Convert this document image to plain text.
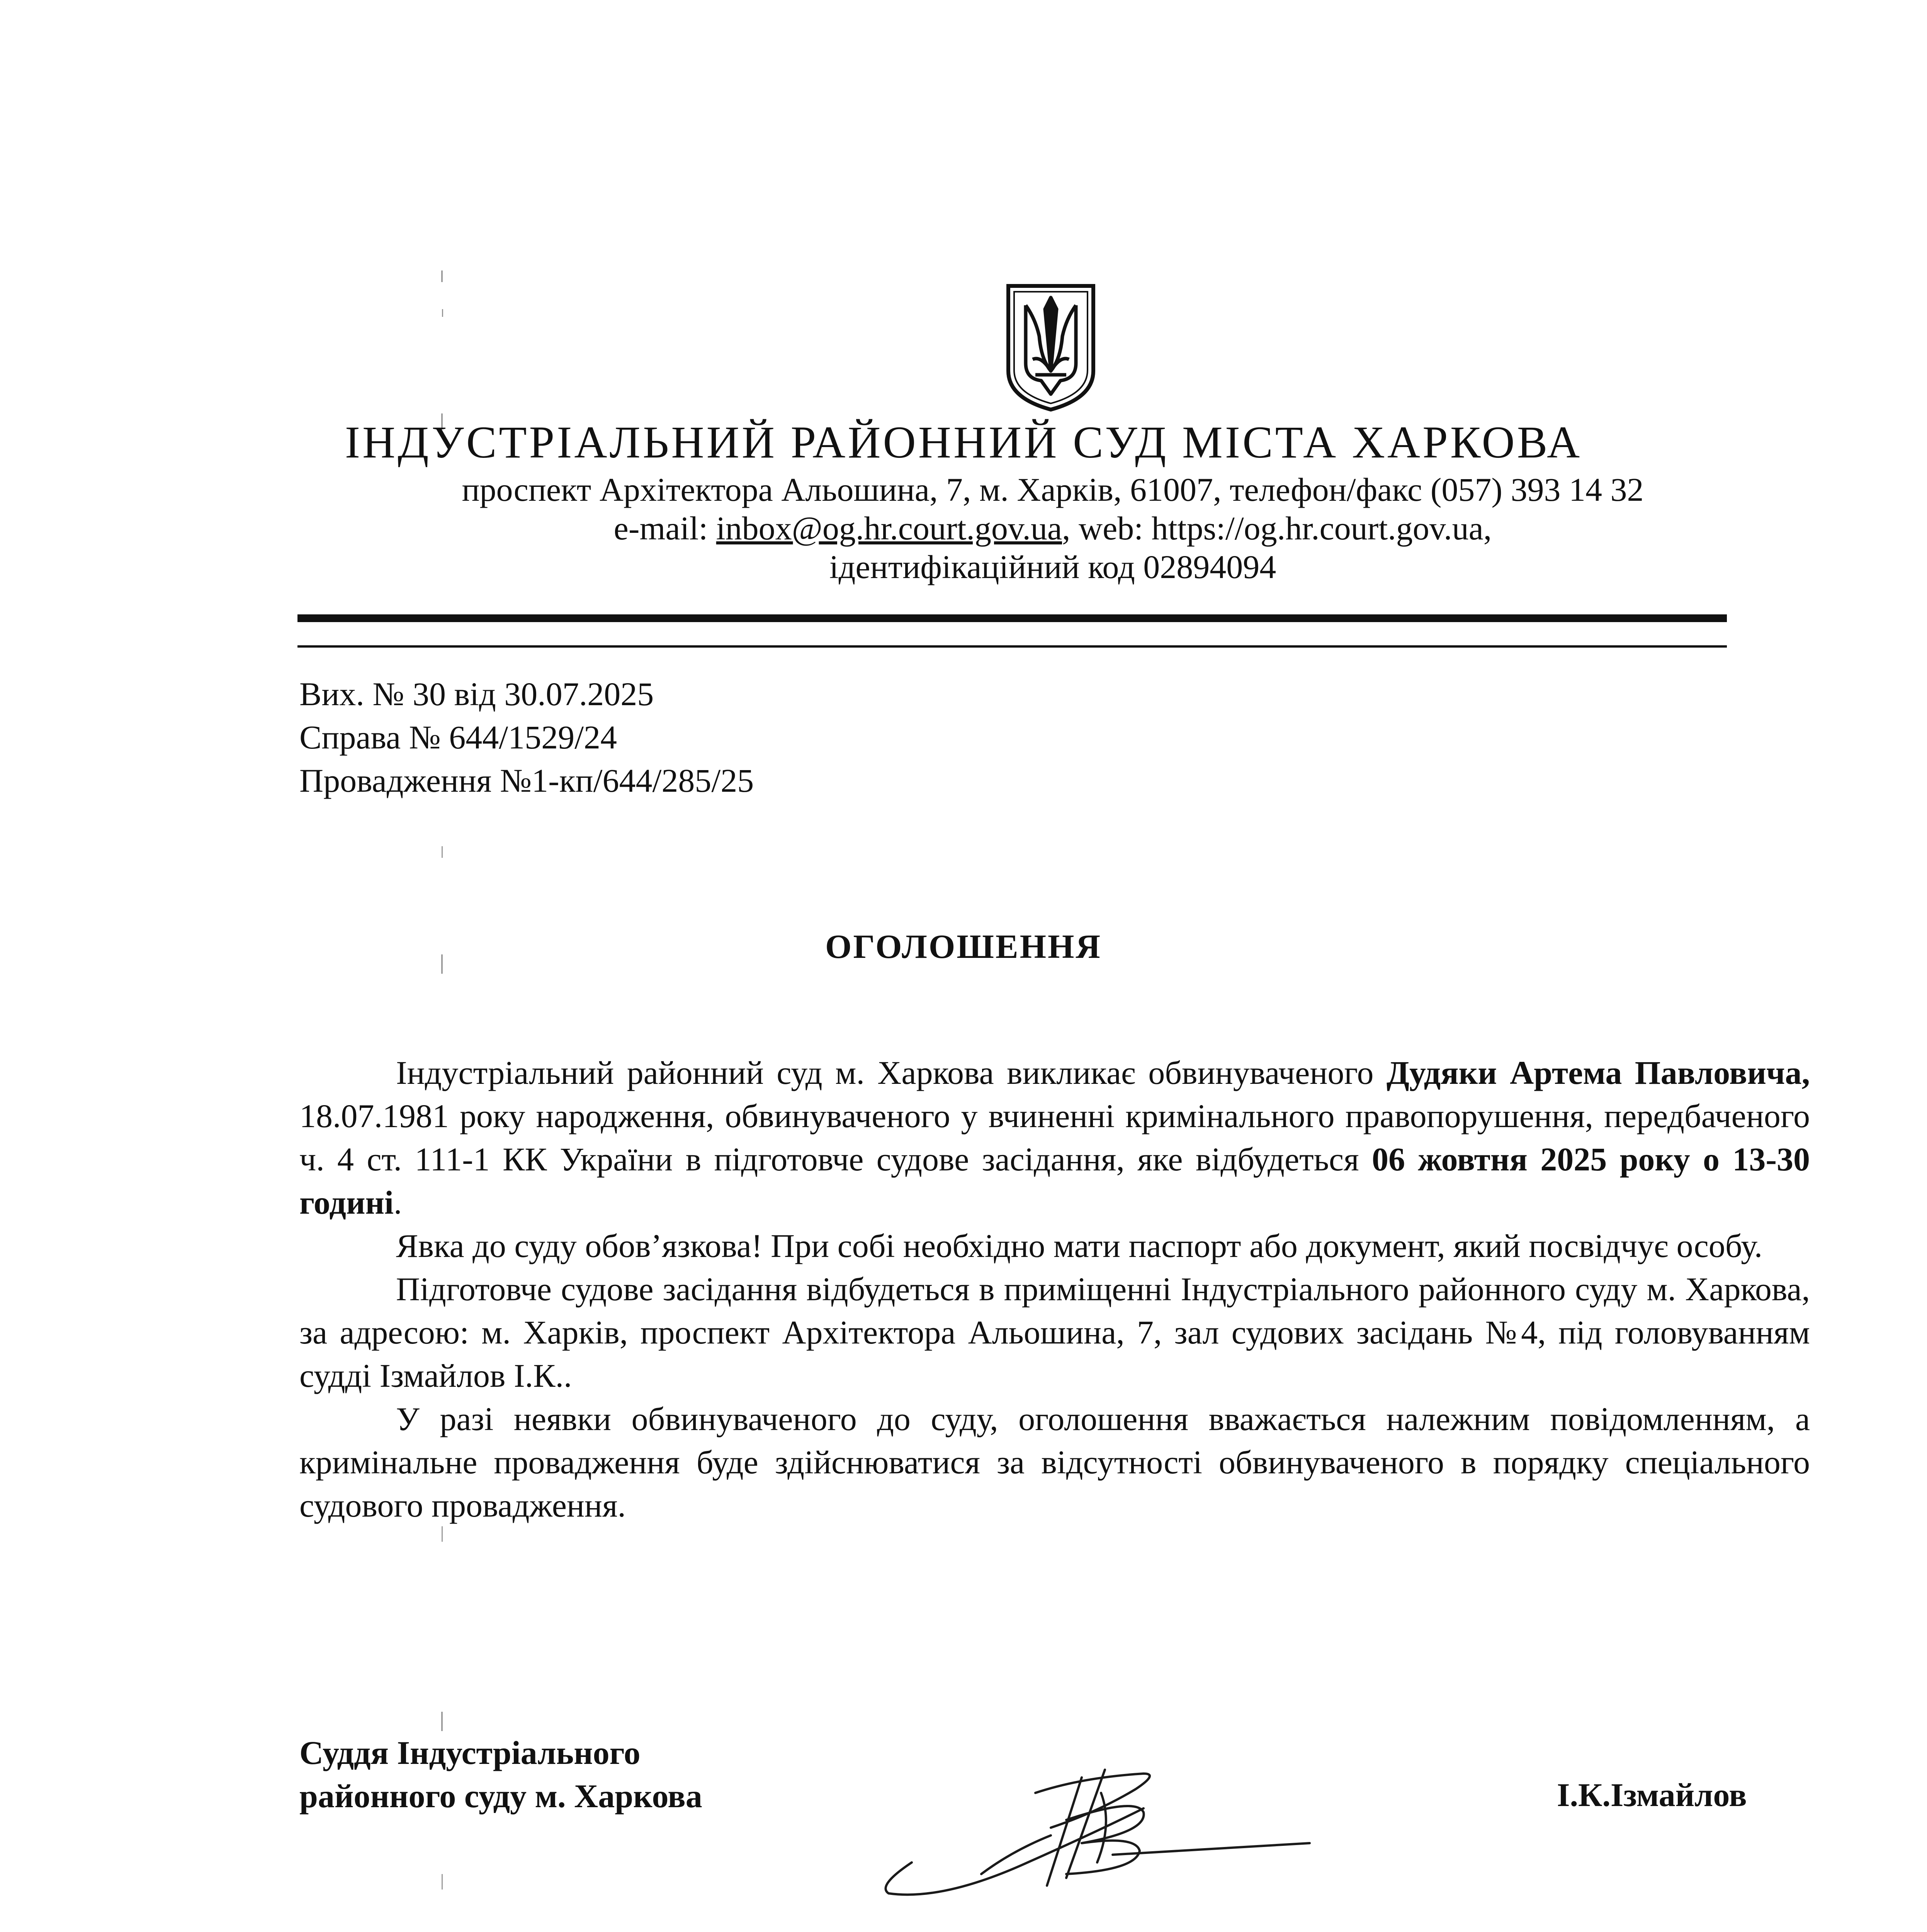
ІНДУСТРІАЛЬНИЙ РАЙОННИЙ СУД МІСТА ХАРКОВА
проспект Архітектора Альошина, 7, м. Харків, 61007, телефон/факс (057) 393 14 32
e-mail: inbox@og.hr.court.gov.ua, web: https://og.hr.court.gov.ua,
ідентифікаційний код 02894094
Вих. № 30 від 30.07.2025
Справа № 644/1529/24
Провадження №1-кп/644/285/25
ОГОЛОШЕННЯ

Індустріальний районний суд м. Харкова викликає обвинуваченого Дудяки Артема Павловича, 18.07.1981 року народження, обвинуваченого у вчиненні кримінального правопорушення, передбаченого ч. 4 ст. 111-1 КК України в підготовче судове засідання, яке відбудеться 06 жовтня 2025 року о 13-30 годині.

Явка до суду обов’язкова! При собі необхідно мати паспорт або документ, який посвідчує особу.

Підготовче судове засідання відбудеться в приміщенні Індустріального районного суду м. Харкова, за адресою: м. Харків, проспект Архітектора Альошина, 7, зал судових засідань №4, під головуванням судді Ізмайлов І.К..

У разі неявки обвинуваченого до суду, оголошення вважається належним повідомленням, а кримінальне провадження буде здійснюватися за відсутності обвинуваченого в порядку спеціального судового провадження.

Суддя Індустріального
районного суду м. Харкова	І.К.Ізмайлов
